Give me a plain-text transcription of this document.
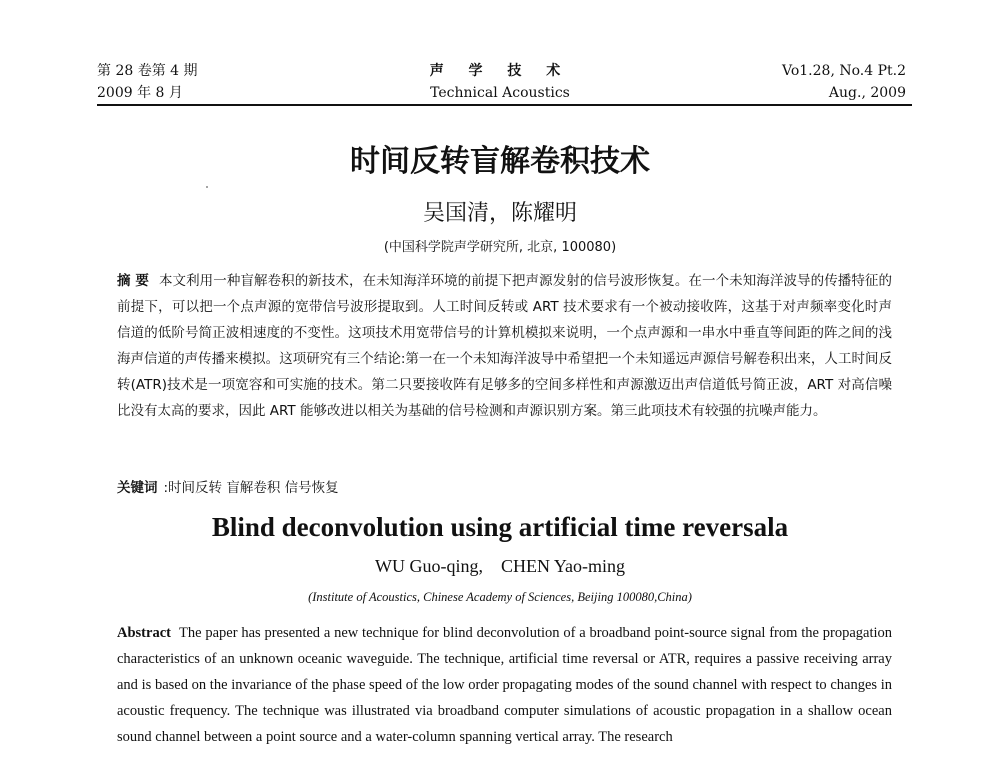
第 28 卷第 4 期
2009 年 8 月
声 学 技 术
Technical Acoustics
Vo1.28, No.4 Pt.2
Aug., 2009
时间反转盲解卷积技术
吴国清，陈耀明
(中国科学院声学研究所, 北京, 100080)
摘 要 本文利用一种盲解卷积的新技术，在未知海洋环境的前提下把声源发射的信号波形恢复。在一个未知海洋波导的传播特征的前提下，可以把一个点声源的宽带信号波形提取到。人工时间反转或 ART 技术要求有一个被动接收阵，这基于对声频率变化时声信道的低阶号简正波相速度的不变性。这项技术用宽带信号的计算机模拟来说明，一个点声源和一串水中垂直等间距的阵之间的浅海声信道的声传播来模拟。这项研究有三个结论:第一在一个未知海洋波导中希望把一个未知遥远声源信号解卷积出来，人工时间反转(ATR)技术是一项宽容和可实施的技术。第二只要接收阵有足够多的空间多样性和声源激迈出声信道低号简正波，ART 对高信噪比没有太高的要求，因此 ART 能够改进以相关为基础的信号检测和声源识别方案。第三此项技术有较强的抗噪声能力。
关键词 :时间反转 盲解卷积 信号恢复
Blind deconvolution using artificial time reversala
WU Guo-qing,    CHEN Yao-ming
(Institute of Acoustics, Chinese Academy of Sciences, Beijing 100080,China)
Abstract The paper has presented a new technique for blind deconvolution of a broadband point-source signal from the propagation characteristics of an unknown oceanic waveguide. The technique, artificial time reversal or ATR, requires a passive receiving array and is based on the invariance of the phase speed of the low order propagating modes of the sound channel with respect to changes in acoustic frequency. The technique was illustrated via broadband computer simulations of acoustic propagation in a shallow ocean sound channel between a point source and a water-column spanning vertical array. The research
